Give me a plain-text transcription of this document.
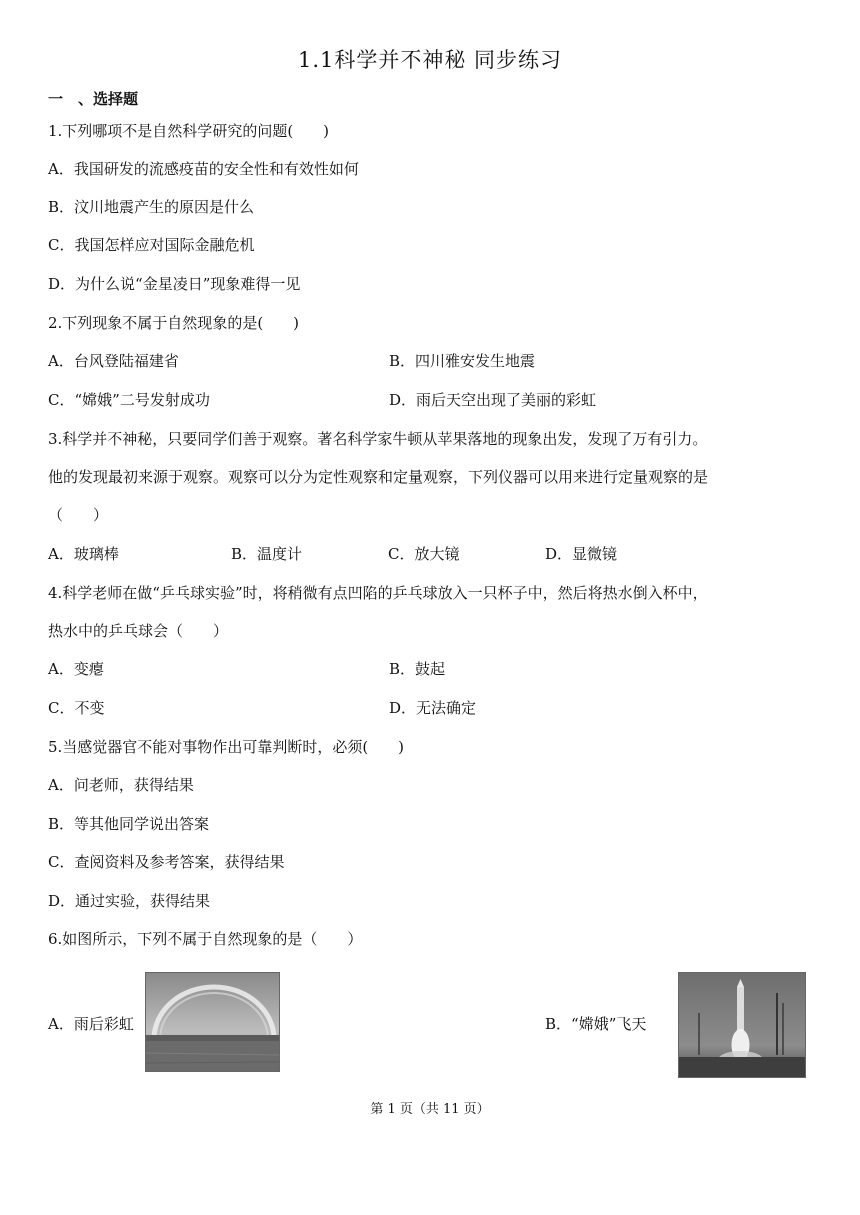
1.1科学并不神秘 同步练习
一　、选择题
1.下列哪项不是自然科学研究的问题(　　)
A．我国研发的流感疫苗的安全性和有效性如何
B．汶川地震产生的原因是什么
C．我国怎样应对国际金融危机
D．为什么说“金星凌日”现象难得一见
2.下列现象不属于自然现象的是(　　)
A．台风登陆福建省	B．四川雅安发生地震
C．“嫦娥”二号发射成功	D．雨后天空出现了美丽的彩虹
3.科学并不神秘，只要同学们善于观察。著名科学家牛顿从苹果落地的现象出发，发现了万有引力。
他的发现最初来源于观察。观察可以分为定性观察和定量观察，下列仪器可以用来进行定量观察的是
（　　）
A．玻璃棒	B．温度计	C．放大镜	D．显微镜
4.科学老师在做“乒乓球实验”时，将稍微有点凹陷的乒乓球放入一只杯子中，然后将热水倒入杯中，
热水中的乒乓球会（　　）
A．变瘪	B．鼓起
C．不变	D．无法确定
5.当感觉器官不能对事物作出可靠判断时，必须(　　)
A．问老师，获得结果
B．等其他同学说出答案
C．查阅资料及参考答案，获得结果
D．通过实验，获得结果
6.如图所示，下列不属于自然现象的是（　　）
A．雨后彩虹	B．“嫦娥”飞天
第 1 页（共 11 页）
